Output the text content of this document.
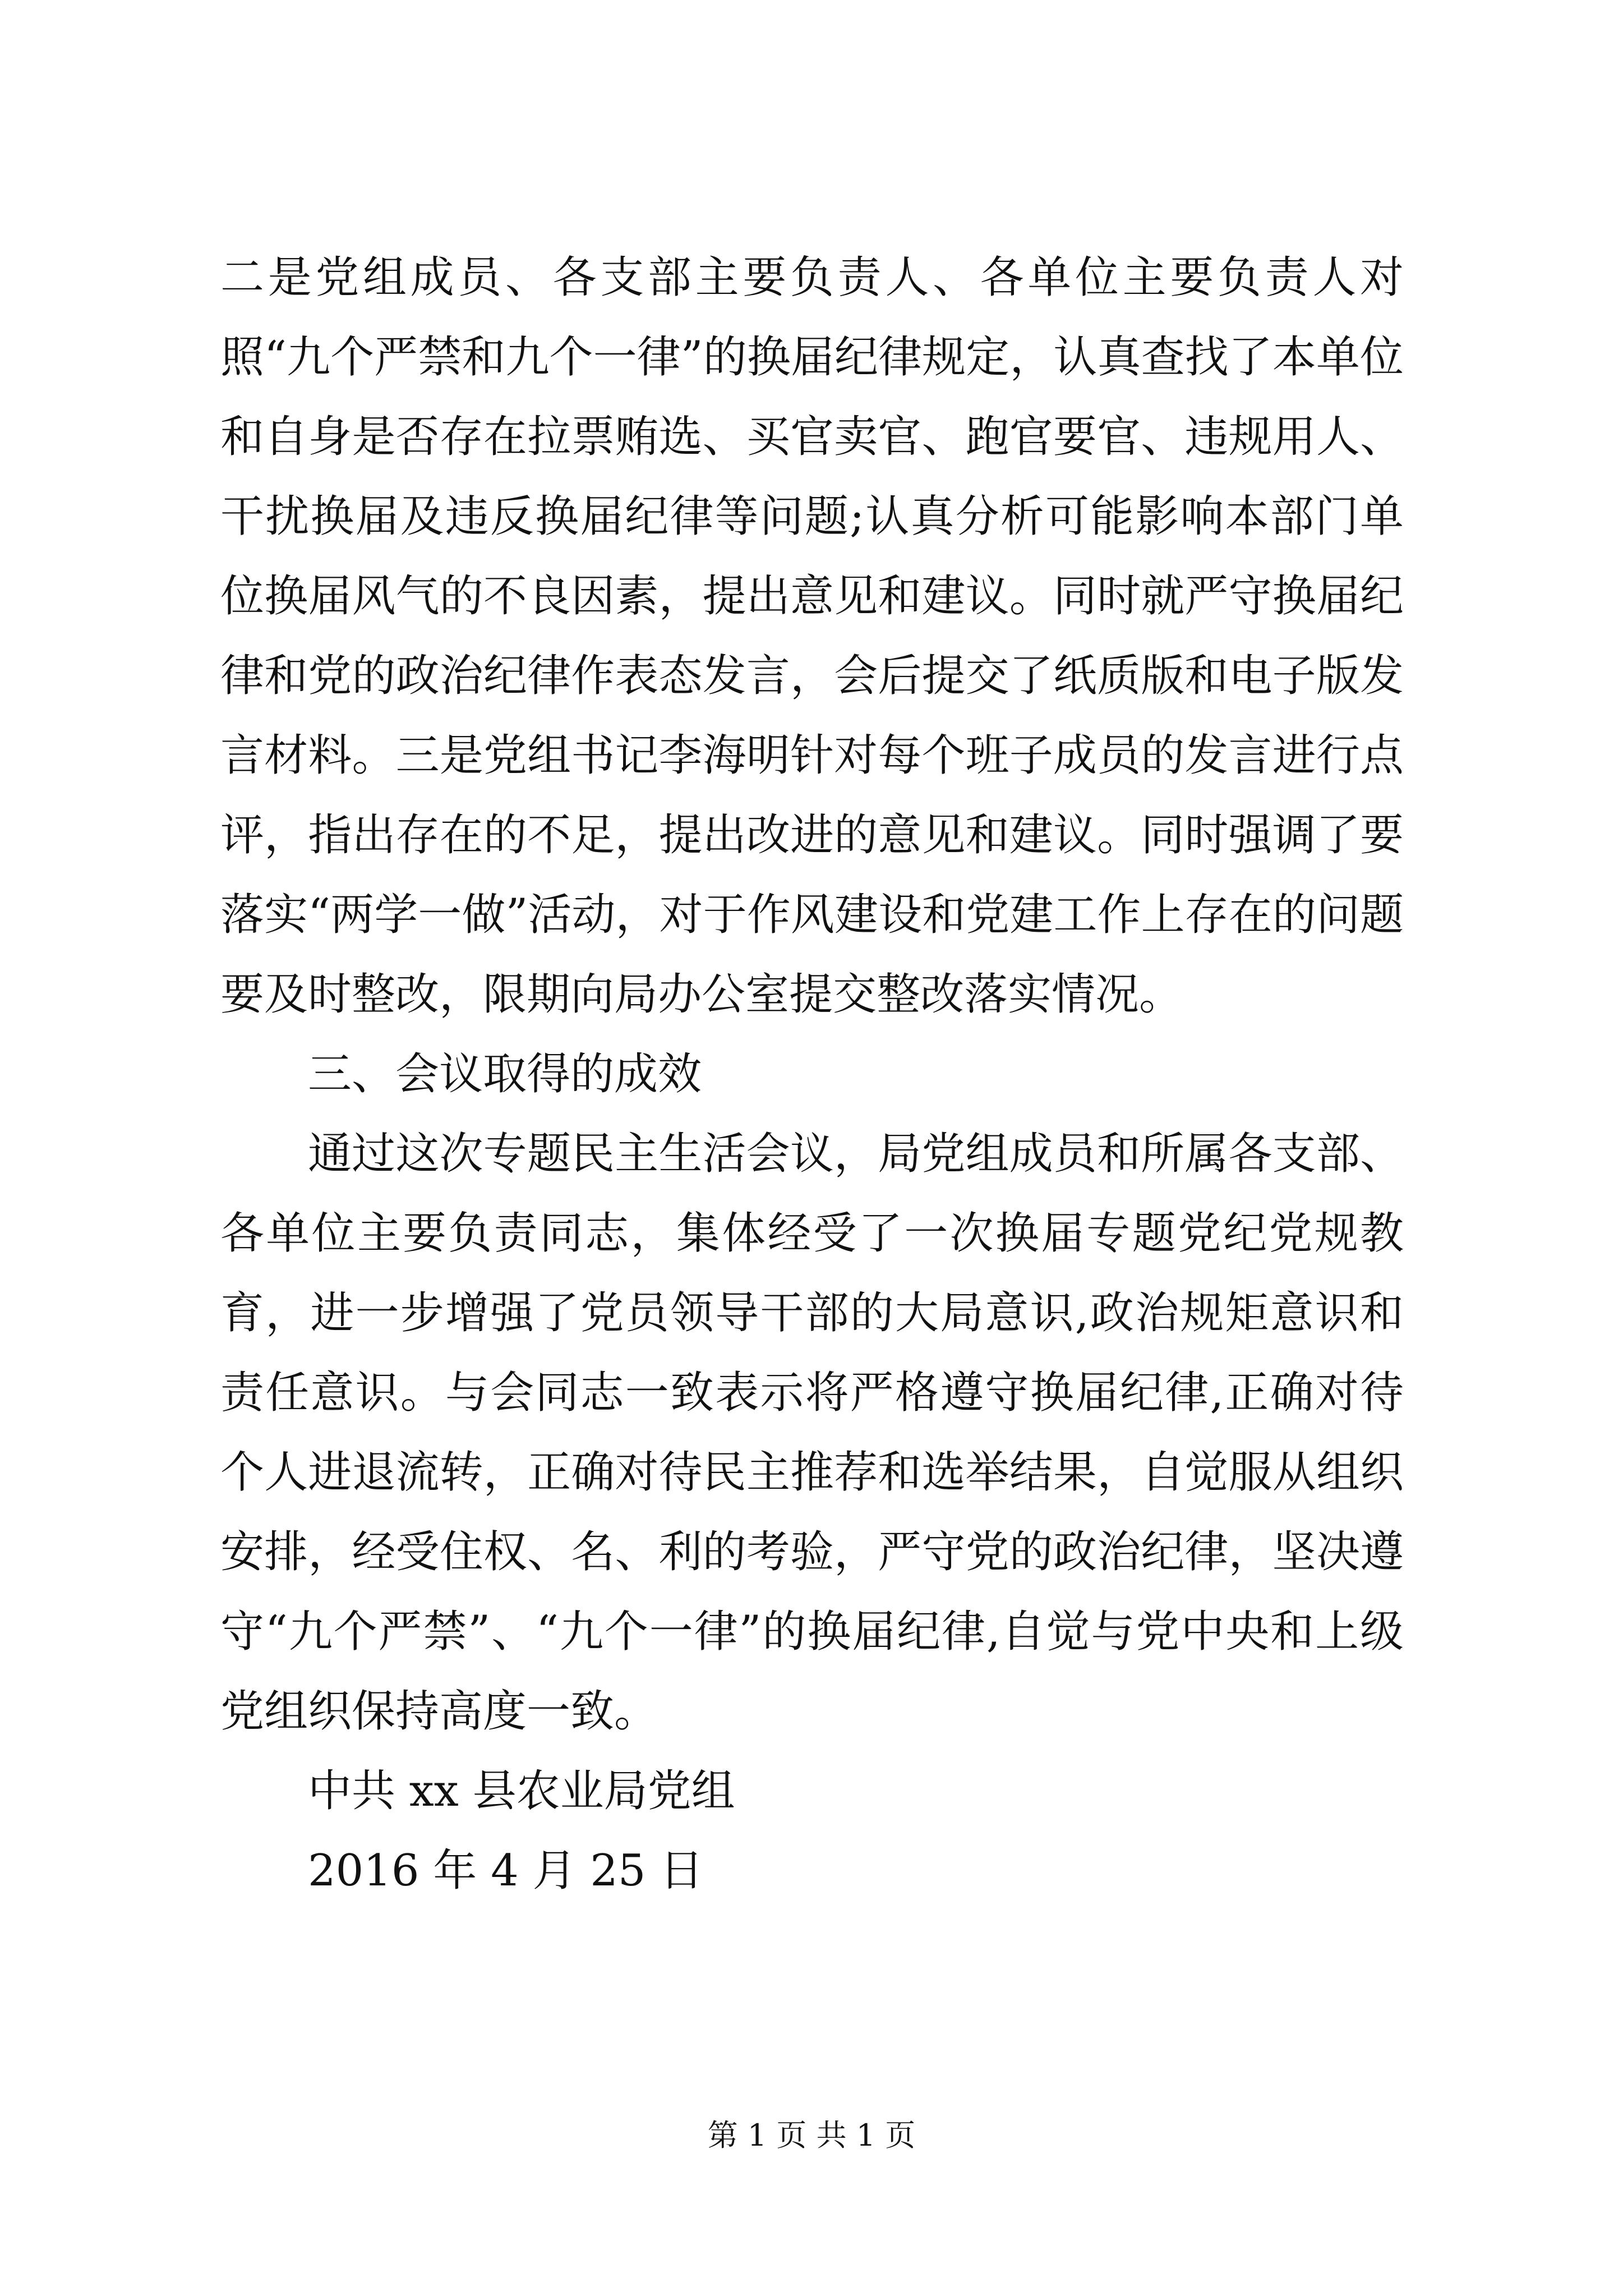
二是党组成员、各支部主要负责人、各单位主要负责人对照“九个严禁和九个一律”的换届纪律规定，认真查找了本单位和自身是否存在拉票贿选、买官卖官、跑官要官、违规用人、干扰换届及违反换届纪律等问题;认真分析可能影响本部门单位换届风气的不良因素，提出意见和建议。同时就严守换届纪律和党的政治纪律作表态发言，会后提交了纸质版和电子版发言材料。三是党组书记李海明针对每个班子成员的发言进行点评，指出存在的不足，提出改进的意见和建议。同时强调了要落实“两学一做”活动，对于作风建设和党建工作上存在的问题要及时整改，限期向局办公室提交整改落实情况。

三、会议取得的成效

通过这次专题民主生活会议，局党组成员和所属各支部、各单位主要负责同志，集体经受了一次换届专题党纪党规教育，进一步增强了党员领导干部的大局意识,政治规矩意识和责任意识。与会同志一致表示将严格遵守换届纪律,正确对待个人进退流转，正确对待民主推荐和选举结果，自觉服从组织安排，经受住权、名、利的考验，严守党的政治纪律，坚决遵守“九个严禁”、“九个一律”的换届纪律,自觉与党中央和上级党组织保持高度一致。

中共 xx 县农业局党组

2016 年 4 月 25 日

第 1 页 共 1 页
